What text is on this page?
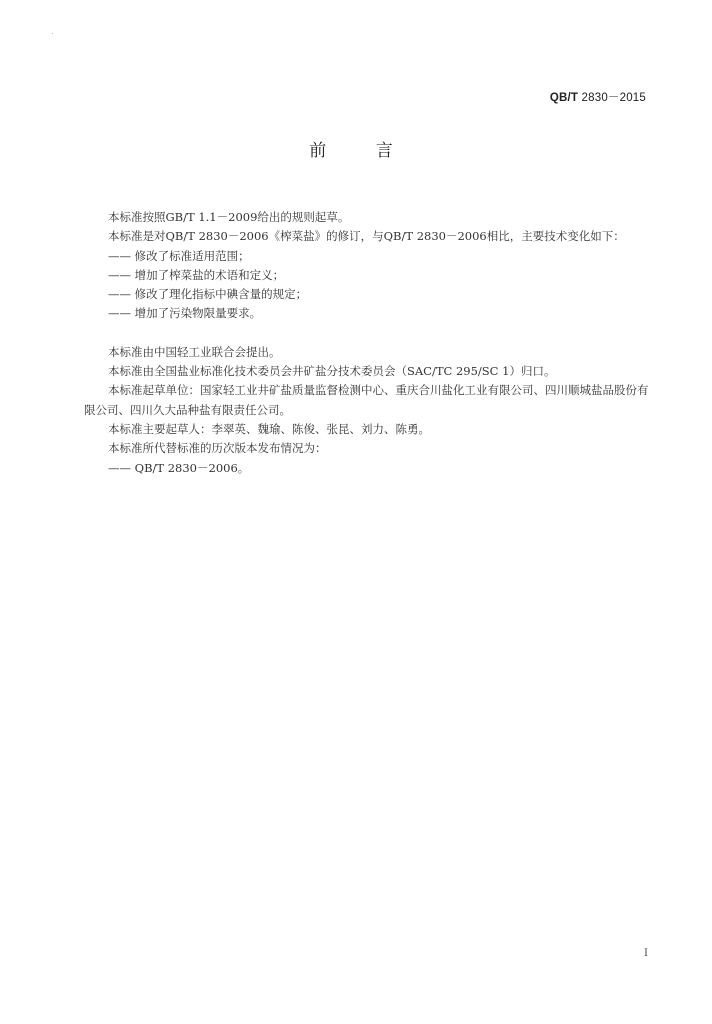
QB/T 2830－2015
前 言

本标准按照GB/T 1.1－2009给出的规则起草。

本标准是对QB/T 2830－2006《榨菜盐》的修订，与QB/T 2830－2006相比，主要技术变化如下：

—— 修改了标准适用范围；

—— 增加了榨菜盐的术语和定义；

—— 修改了理化指标中碘含量的规定；

—— 增加了污染物限量要求。

本标准由中国轻工业联合会提出。

本标准由全国盐业标准化技术委员会井矿盐分技术委员会（SAC/TC 295/SC 1）归口。

本标准起草单位：国家轻工业井矿盐质量监督检测中心、重庆合川盐化工业有限公司、四川顺城盐品股份有限公司、四川久大品种盐有限责任公司。

本标准主要起草人：李翠英、魏瑜、陈俊、张昆、刘力、陈勇。

本标准所代替标准的历次版本发布情况为：

—— QB/T 2830－2006。

I
